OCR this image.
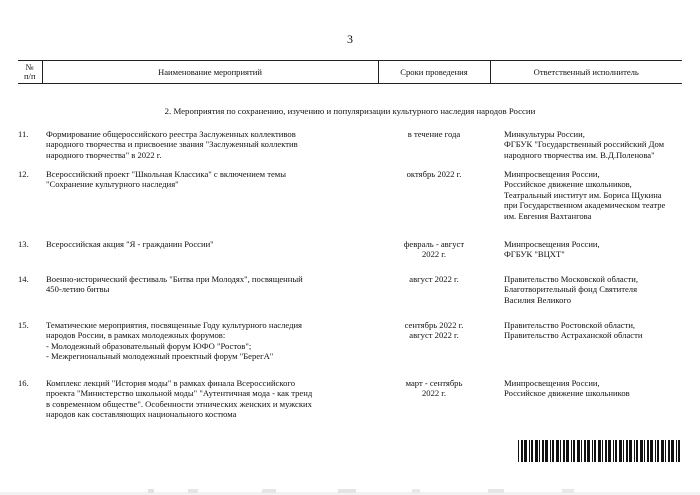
3
№
п/п	Наименование мероприятий	Сроки проведения	Ответственный исполнитель
2. Мероприятия по сохранению, изучению и популяризации культурного наследия народов России			
11.	Формирование общероссийского реестра Заслуженных коллективов
народного творчества и присвоение звания "Заслуженный коллектив
народного творчества" в 2022 г.	в течение года	Минкультуры России,
ФГБУК "Государственный российский Дом
народного творчества им. В.Д.Поленова"
12.	Всероссийский проект "Школьная Классика" с включением темы
"Сохранение культурного наследия"	октябрь 2022 г.	Минпросвещения России,
Российское движение школьников,
Театральный институт им. Бориса Щукина
при Государственном академическом театре
им. Евгения Вахтангова
13.	Всероссийская акция "Я - гражданин России"	февраль - август
2022 г.	Минпросвещения России,
ФГБУК "ВЦХТ"
14.	Военно-исторический фестиваль "Битва при Молодях", посвященный
450-летию битвы	август 2022 г.	Правительство Московской области,
Благотворительный фонд Святителя
Василия Великого
15.	Тематические мероприятия, посвященные Году культурного наследия
народов России, в рамках молодежных форумов:
- Молодежный образовательный форум ЮФО "Ростов";
- Межрегиональный молодежный проектный форум "БерегА"	сентябрь 2022 г.
август 2022 г.	Правительство Ростовской области,
Правительство Астраханской области
16.	Комплекс лекций "История моды" в рамках финала Всероссийского
проекта "Министерство школьной моды" "Аутентичная мода - как тренд
в современном обществе". Особенности этнических женских и мужских
народов как составляющих национального костюма	март - сентябрь
2022 г.	Минпросвещения России,
Российское движение школьников
